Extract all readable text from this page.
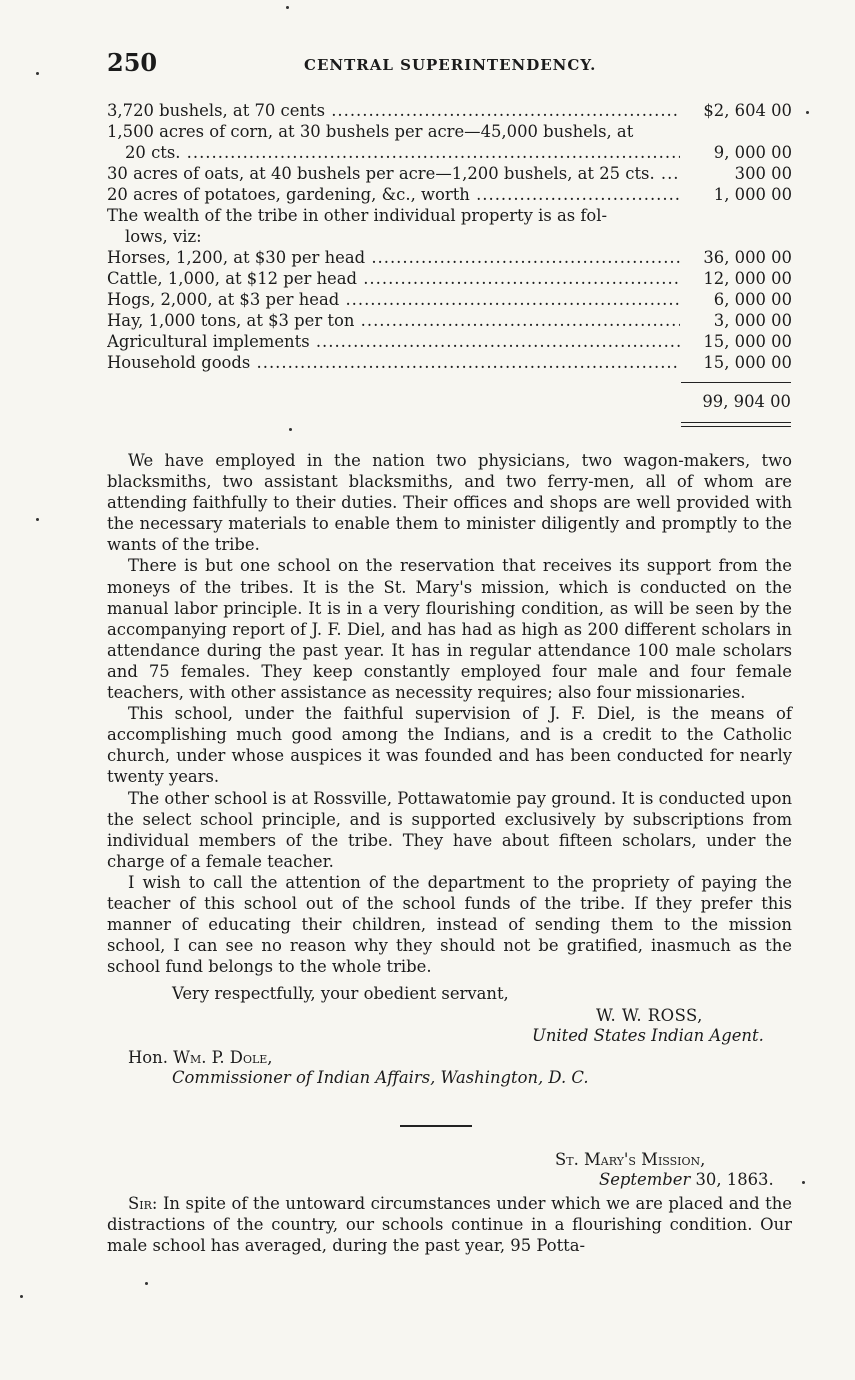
250	CENTRAL SUPERINTENDENCY.
3,720 bushels, at 70 cents .....	$2, 604 00
1,500 acres of corn, at 30 bushels per acre—45,000 bushels, at
20 cts. .....	9, 000 00
30 acres of oats, at 40 bushels per acre—1,200 bushels, at 25 cts. .....	300 00
20 acres of potatoes, gardening, &c., worth .....	1, 000 00
The wealth of the tribe in other individual property is as fol-
lows, viz:
Horses, 1,200, at $30 per head .....	36, 000 00
Cattle, 1,000, at $12 per head .....	12, 000 00
Hogs, 2,000, at $3 per head .....	6, 000 00
Hay, 1,000 tons, at $3 per ton .....	3, 000 00
Agricultural implements .....	15, 000 00
Household goods .....	15, 000 00
99, 904 00

We have employed in the nation two physicians, two wagon-makers, two blacksmiths, two assistant blacksmiths, and two ferry-men, all of whom are attending faithfully to their duties. Their offices and shops are well provided with the necessary materials to enable them to minister diligently and promptly to the wants of the tribe.

There is but one school on the reservation that receives its support from the moneys of the tribes. It is the St. Mary's mission, which is conducted on the manual labor principle. It is in a very flourishing condition, as will be seen by the accompanying report of J. F. Diel, and has had as high as 200 different scholars in attendance during the past year. It has in regular attendance 100 male scholars and 75 females. They keep constantly employed four male and four female teachers, with other assistance as necessity requires; also four missionaries.

This school, under the faithful supervision of J. F. Diel, is the means of accomplishing much good among the Indians, and is a credit to the Catholic church, under whose auspices it was founded and has been conducted for nearly twenty years.

The other school is at Rossville, Pottawatomie pay ground. It is conducted upon the select school principle, and is supported exclusively by subscriptions from individual members of the tribe. They have about fifteen scholars, under the charge of a female teacher.

I wish to call the attention of the department to the propriety of paying the teacher of this school out of the school funds of the tribe. If they prefer this manner of educating their children, instead of sending them to the mission school, I can see no reason why they should not be gratified, inasmuch as the school fund belongs to the whole tribe.

Very respectfully, your obedient servant,
W. W. ROSS,
United States Indian Agent.
Hon. Wm. P. Dole,
Commissioner of Indian Affairs, Washington, D. C.
St. Mary's Mission,
September 30, 1863.

Sir: In spite of the untoward circumstances under which we are placed and the distractions of the country, our schools continue in a flourishing condition. Our male school has averaged, during the past year, 95 Potta-
